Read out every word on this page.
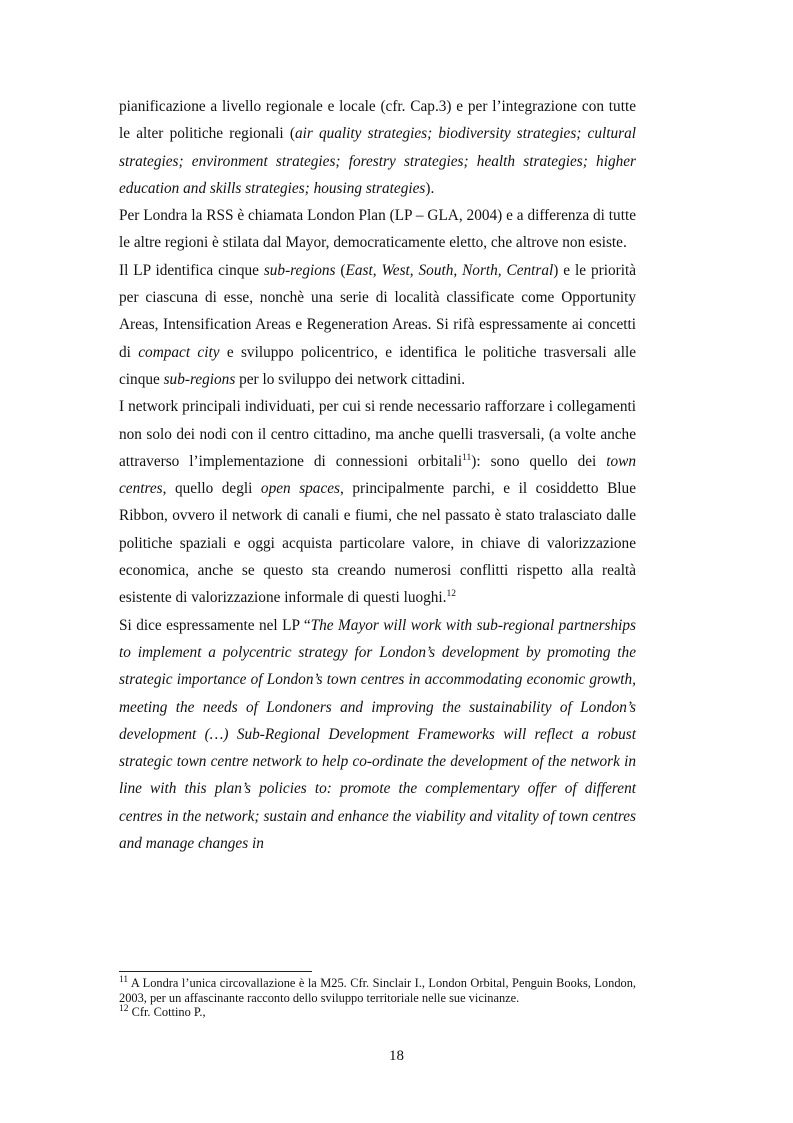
pianificazione a livello regionale e locale (cfr. Cap.3) e per l’integrazione con tutte le alter politiche regionali (air quality strategies; biodiversity strategies; cultural strategies; environment strategies; forestry strategies; health strategies; higher education and skills strategies; housing strategies).

Per Londra la RSS è chiamata London Plan (LP – GLA, 2004) e a differenza di tutte le altre regioni è stilata dal Mayor, democraticamente eletto, che altrove non esiste.

Il LP identifica cinque sub-regions (East, West, South, North, Central) e le priorità per ciascuna di esse, nonchè una serie di località classificate come Opportunity Areas, Intensification Areas e Regeneration Areas. Si rifà espressamente ai concetti di compact city e sviluppo policentrico, e identifica le politiche trasversali alle cinque sub-regions per lo sviluppo dei network cittadini.

I network principali individuati, per cui si rende necessario rafforzare i collegamenti non solo dei nodi con il centro cittadino, ma anche quelli trasversali, (a volte anche attraverso l’implementazione di connessioni orbitali$^{11}$): sono quello dei town centres, quello degli open spaces, principalmente parchi, e il cosiddetto Blue Ribbon, ovvero il network di canali e fiumi, che nel passato è stato tralasciato dalle politiche spaziali e oggi acquista particolare valore, in chiave di valorizzazione economica, anche se questo sta creando numerosi conflitti rispetto alla realtà esistente di valorizzazione informale di questi luoghi.$^{12}$

Si dice espressamente nel LP “The Mayor will work with sub-regional partnerships to implement a polycentric strategy for London’s development by promoting the strategic importance of London’s town centres in accommodating economic growth, meeting the needs of Londoners and improving the sustainability of London’s development (…) Sub-Regional Development Frameworks will reflect a robust strategic town centre network to help co-ordinate the development of the network in line with this plan’s policies to: promote the complementary offer of different centres in the network; sustain and enhance the viability and vitality of town centres and manage changes in

$^{11}$ A Londra l’unica circovallazione è la M25. Cfr. Sinclair I., London Orbital, Penguin Books, London, 2003, per un affascinante racconto dello sviluppo territoriale nelle sue vicinanze.

$^{12}$ Cfr. Cottino P.,

18
